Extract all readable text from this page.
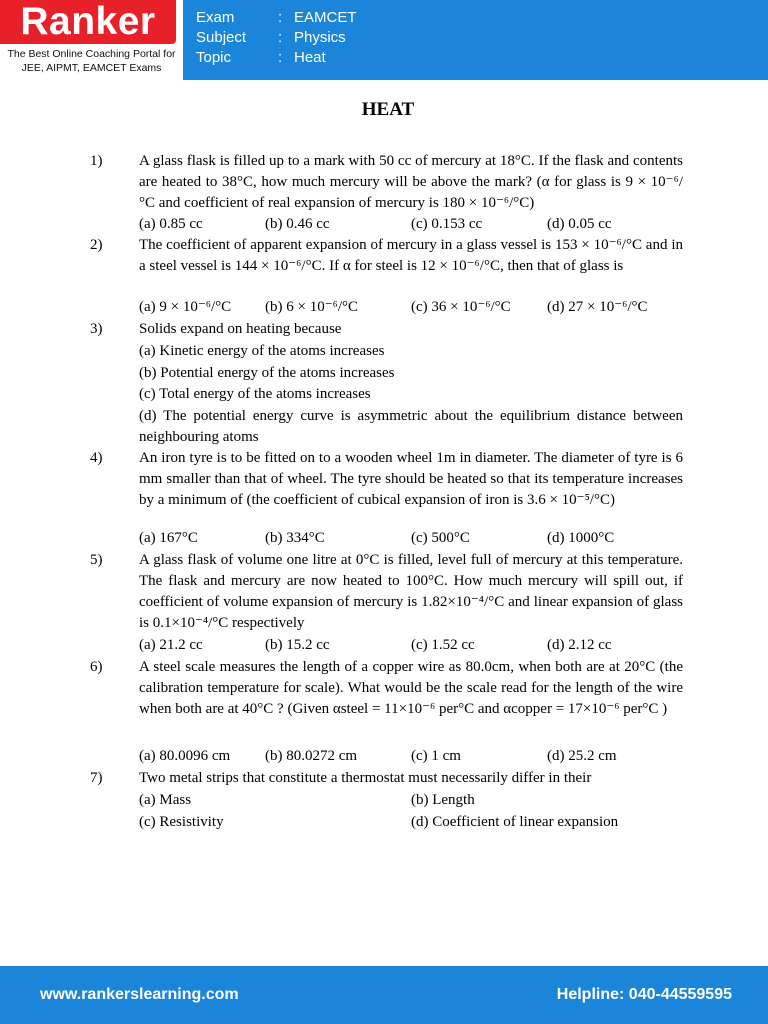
Ranker
The Best Online Coaching Portal for
JEE, AIPMT, EAMCET Exams
Exam	: EAMCET
Subject : Physics
Topic	: Heat
HEAT
1) A glass flask is filled up to a mark with 50 cc of mercury at 18°C. If the flask and contents are heated to 38°C, how much mercury will be above the mark? (α for glass is 9 × 10⁻⁶/°C and coefficient of real expansion of mercury is 180 × 10⁻⁶/°C)
(a) 0.85 cc	(b) 0.46 cc	(c) 0.153 cc	(d) 0.05 cc
2) The coefficient of apparent expansion of mercury in a glass vessel is 153 × 10⁻⁶/°C and in a steel vessel is 144 × 10⁻⁶/°C. If α for steel is 12 × 10⁻⁶/°C, then that of glass is
(a) 9 × 10⁻⁶/°C (b) 6 × 10⁻⁶/°C	(c) 36 × 10⁻⁶/°C (d) 27 × 10⁻⁶/°C
3) Solids expand on heating because
(a) Kinetic energy of the atoms increases
(b) Potential energy of the atoms increases
(c) Total energy of the atoms increases
(d) The potential energy curve is asymmetric about the equilibrium distance between neighbouring atoms
4) An iron tyre is to be fitted on to a wooden wheel 1m in diameter. The diameter of tyre is 6 mm smaller than that of wheel. The tyre should be heated so that its temperature increases by a minimum of (the coefficient of cubical expansion of iron is 3.6 × 10⁻⁵/°C)
(a) 167°C	(b) 334°C	(c) 500°C	(d) 1000°C
5) A glass flask of volume one litre at 0°C is filled, level full of mercury at this temperature. The flask and mercury are now heated to 100°C. How much mercury will spill out, if coefficient of volume expansion of mercury is 1.82×10⁻⁴/°C and linear expansion of glass is 0.1×10⁻⁴/°C respectively
(a) 21.2 cc	(b) 15.2 cc	(c) 1.52 cc	(d) 2.12 cc
6) A steel scale measures the length of a copper wire as 80.0cm, when both are at 20°C (the calibration temperature for scale). What would be the scale read for the length of the wire when both are at 40°C ? (Given αsteel = 11×10⁻⁶ per°C and αcopper = 17×10⁻⁶ per°C )
(a) 80.0096 cm (b) 80.0272 cm	(c) 1 cm	(d) 25.2 cm
7) Two metal strips that constitute a thermostat must necessarily differ in their
(a) Mass	(b) Length
(c) Resistivity	(d) Coefficient of linear expansion
www.rankerslearning.com	Helpline: 040-44559595
